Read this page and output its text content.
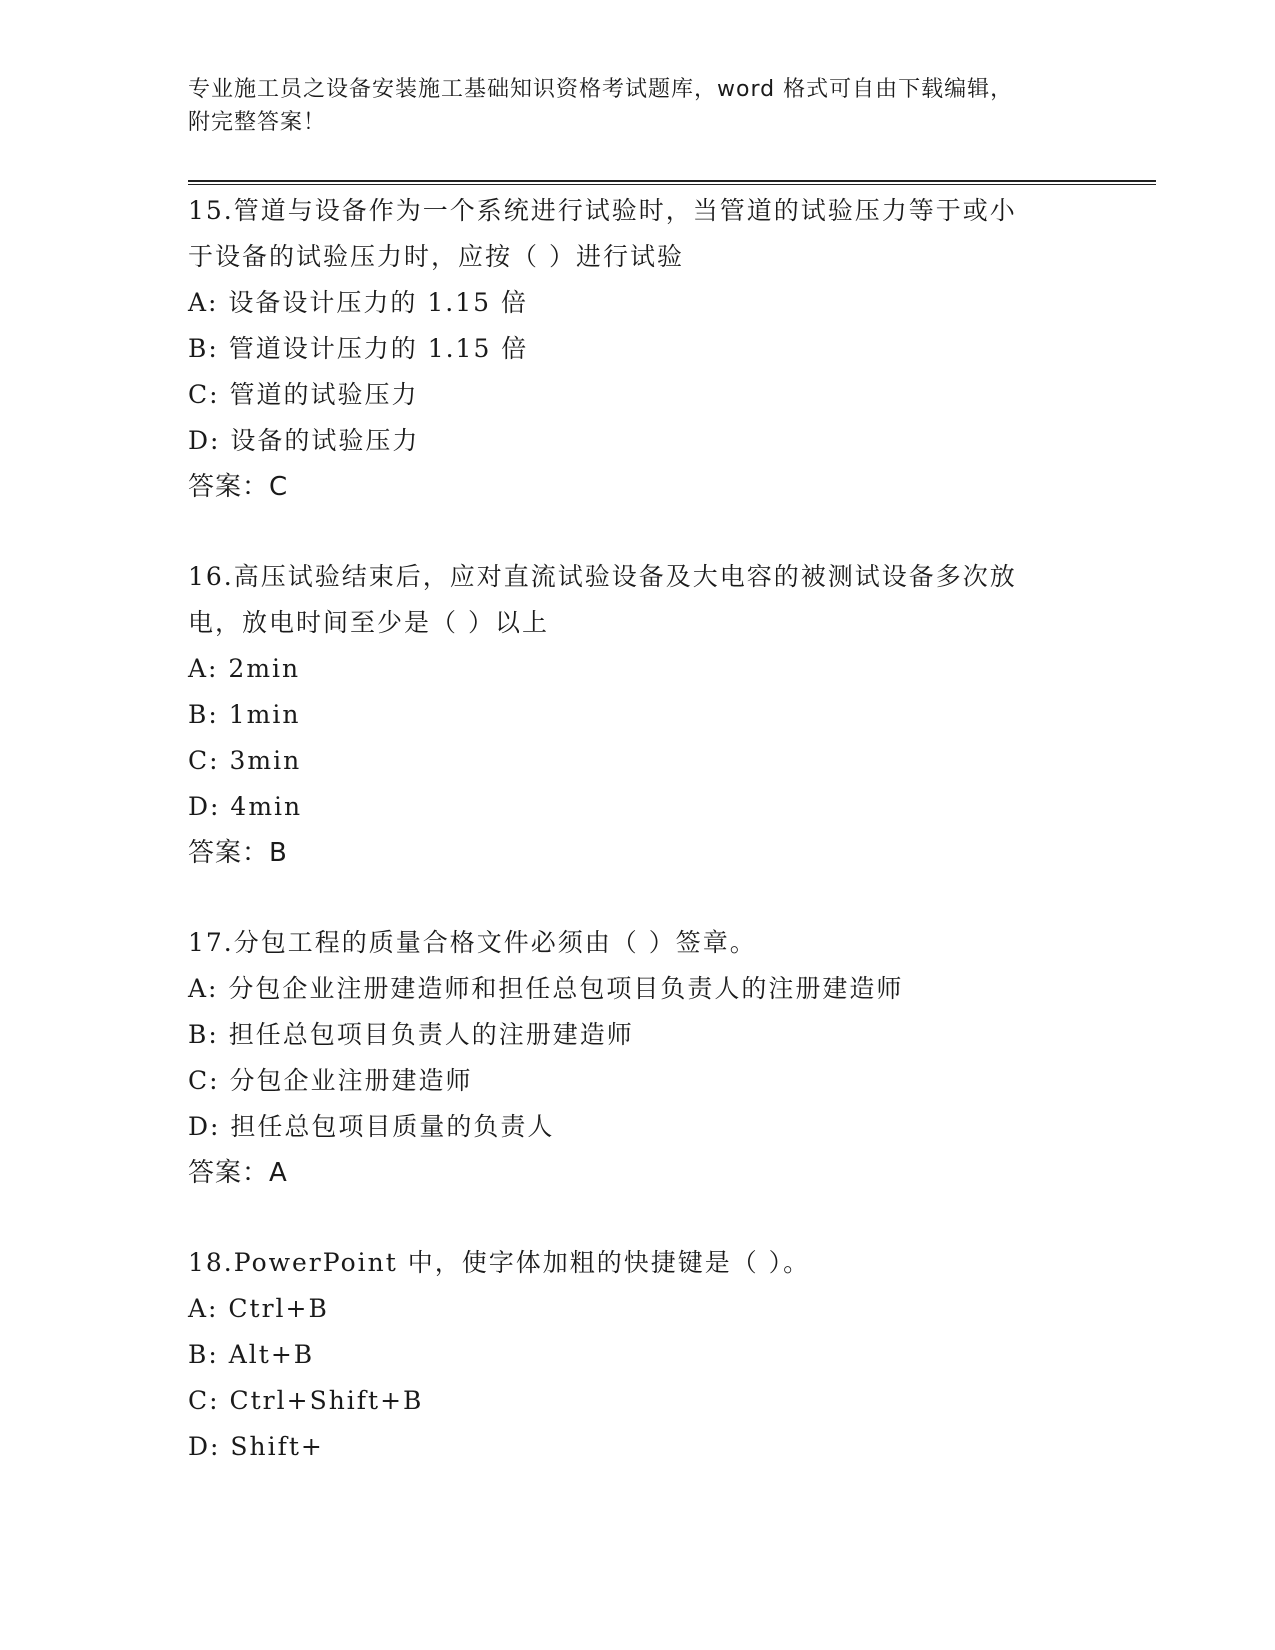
专业施工员之设备安装施工基础知识资格考试题库，word 格式可自由下载编辑，
附完整答案！
15.管道与设备作为一个系统进行试验时，当管道的试验压力等于或小
于设备的试验压力时，应按（ ）进行试验
A: 设备设计压力的 1.15 倍
B: 管道设计压力的 1.15 倍
C: 管道的试验压力
D: 设备的试验压力
答案：C
16.高压试验结束后，应对直流试验设备及大电容的被测试设备多次放
电，放电时间至少是（ ）以上
A: 2min
B: 1min
C: 3min
D: 4min
答案：B
17.分包工程的质量合格文件必须由（ ）签章。
A: 分包企业注册建造师和担任总包项目负责人的注册建造师
B: 担任总包项目负责人的注册建造师
C: 分包企业注册建造师
D: 担任总包项目质量的负责人
答案：A
18.PowerPoint 中，使字体加粗的快捷键是（ ）。
A: Ctrl+B
B: Alt+B
C: Ctrl+Shift+B
D: Shift+
